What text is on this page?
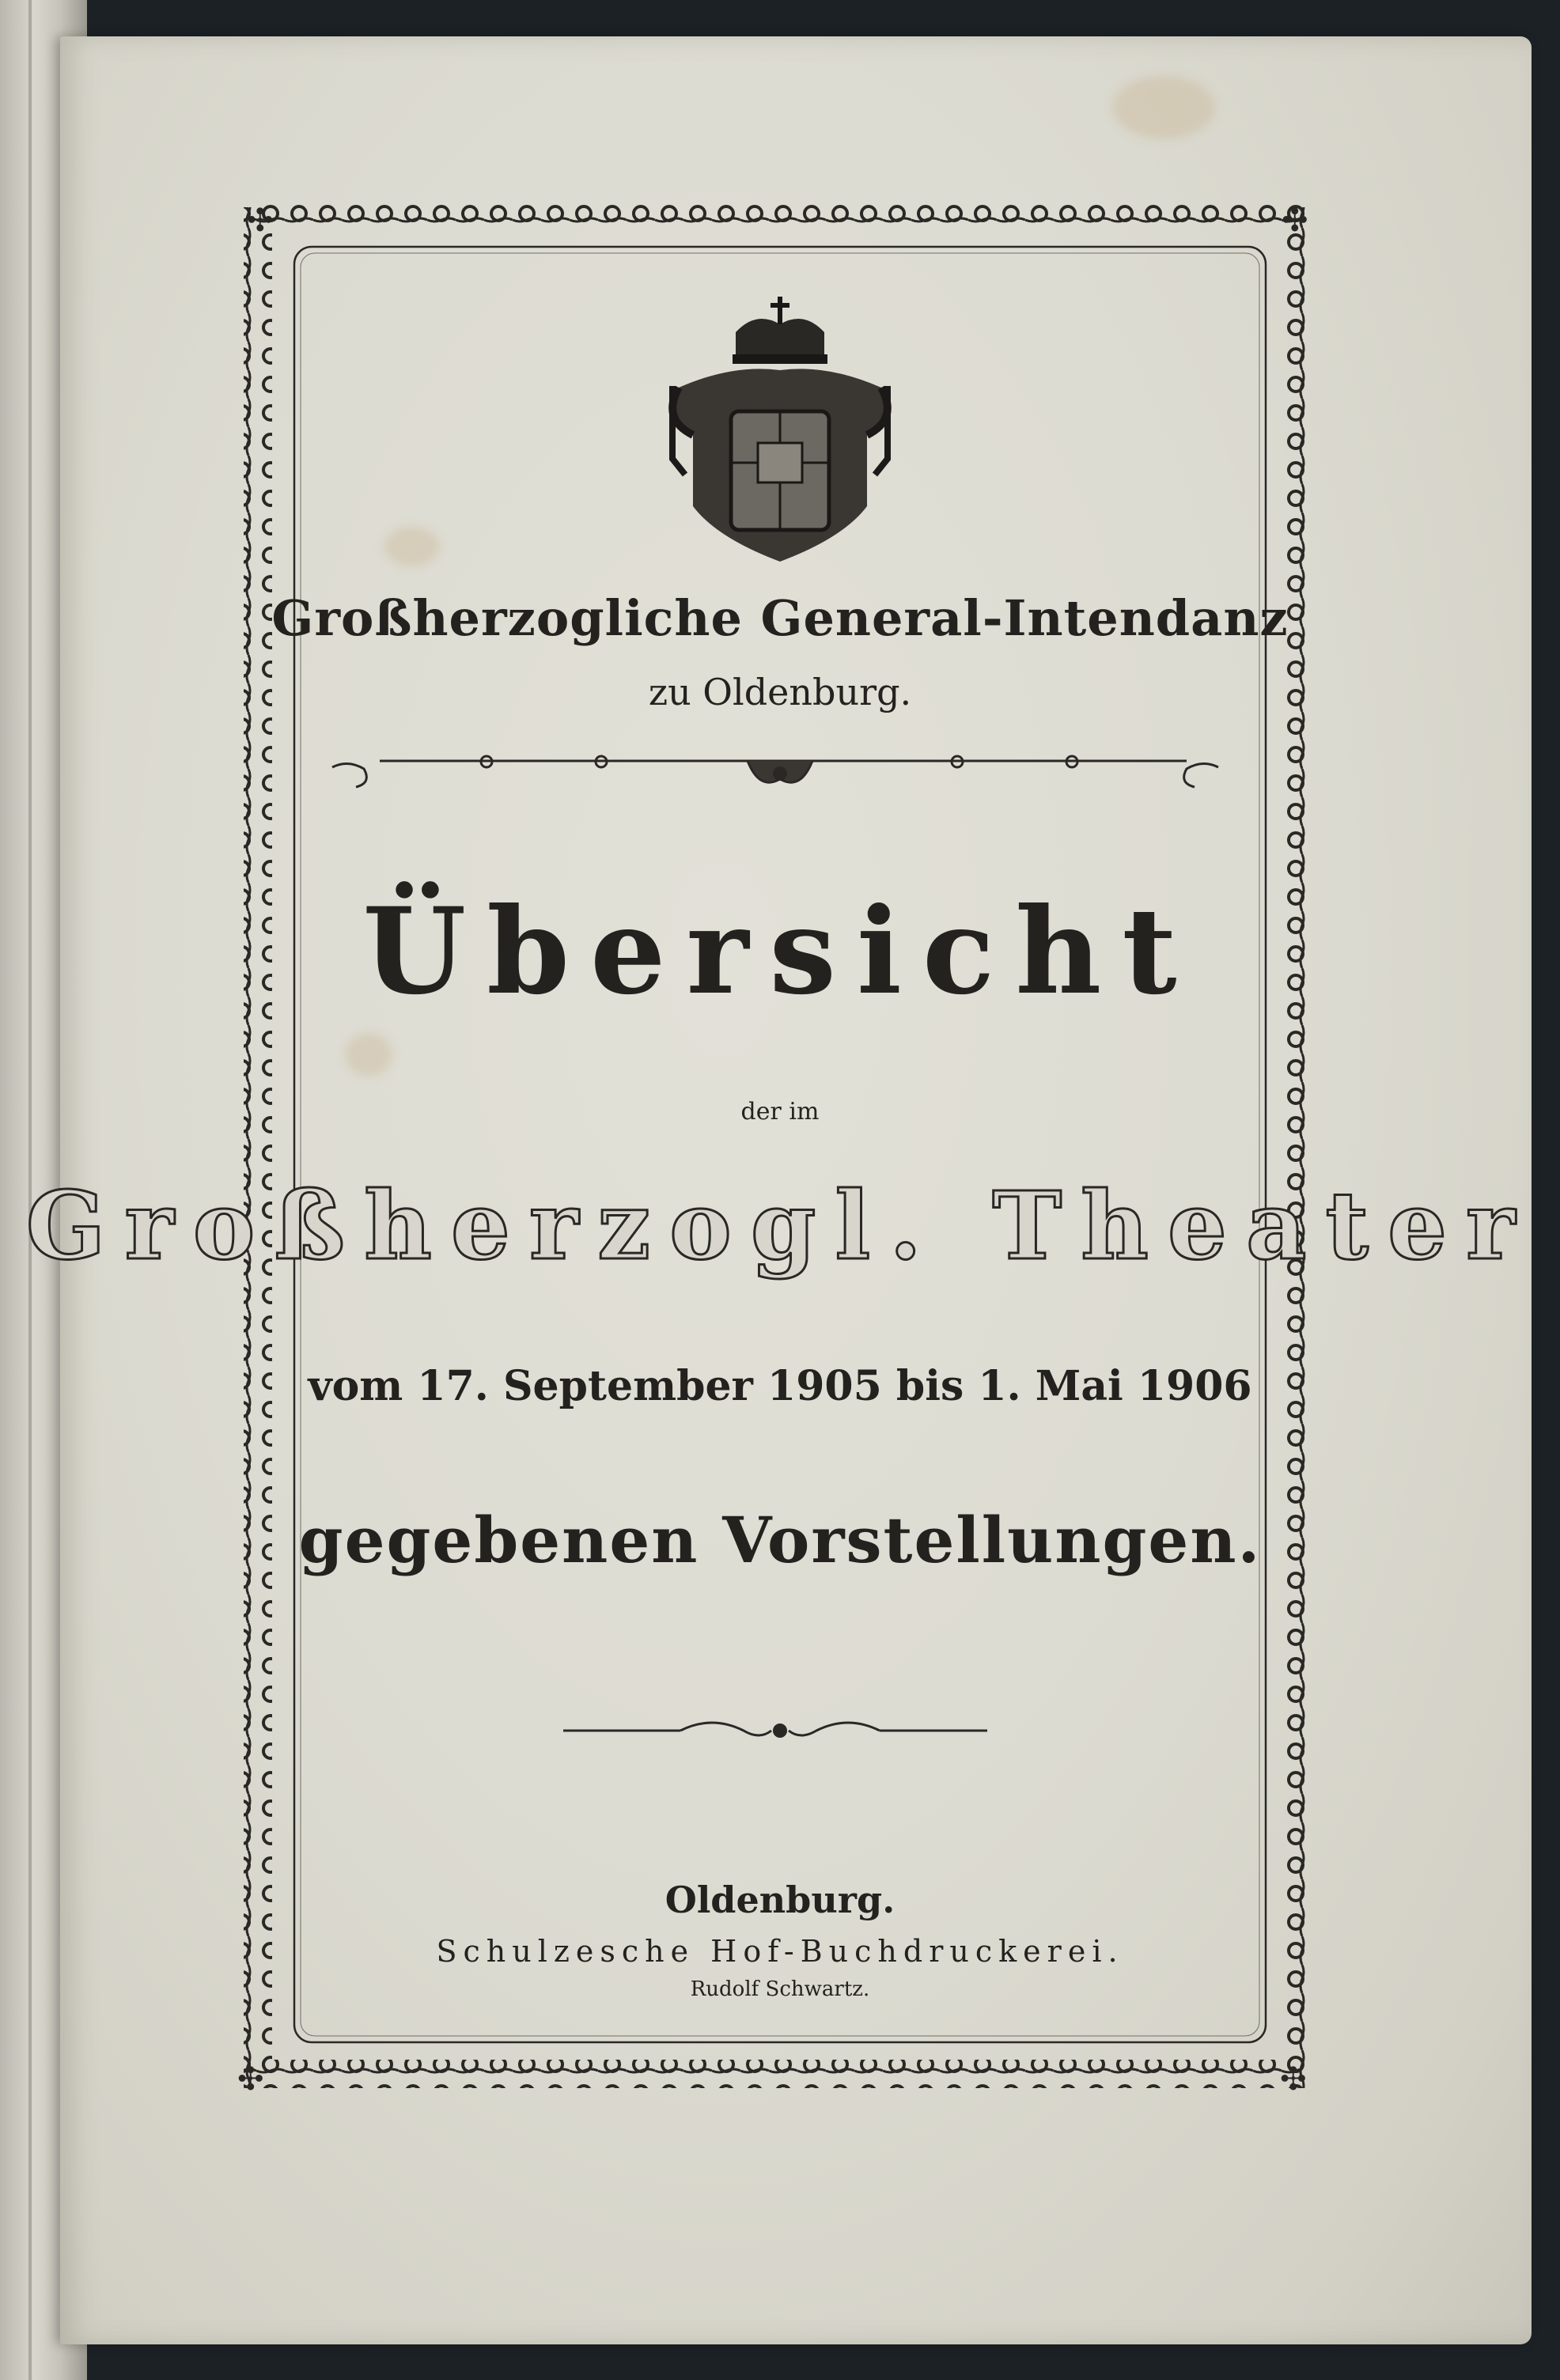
✣	✣
✣	✣
Großherzogliche General-Intendanz
zu Oldenburg.
Übersicht
der im
Großherzogl. Theater
vom 17. September 1905 bis 1. Mai 1906
gegebenen Vorstellungen.
Oldenburg.
Schulzesche Hof-Buchdruckerei.
Rudolf Schwartz.
